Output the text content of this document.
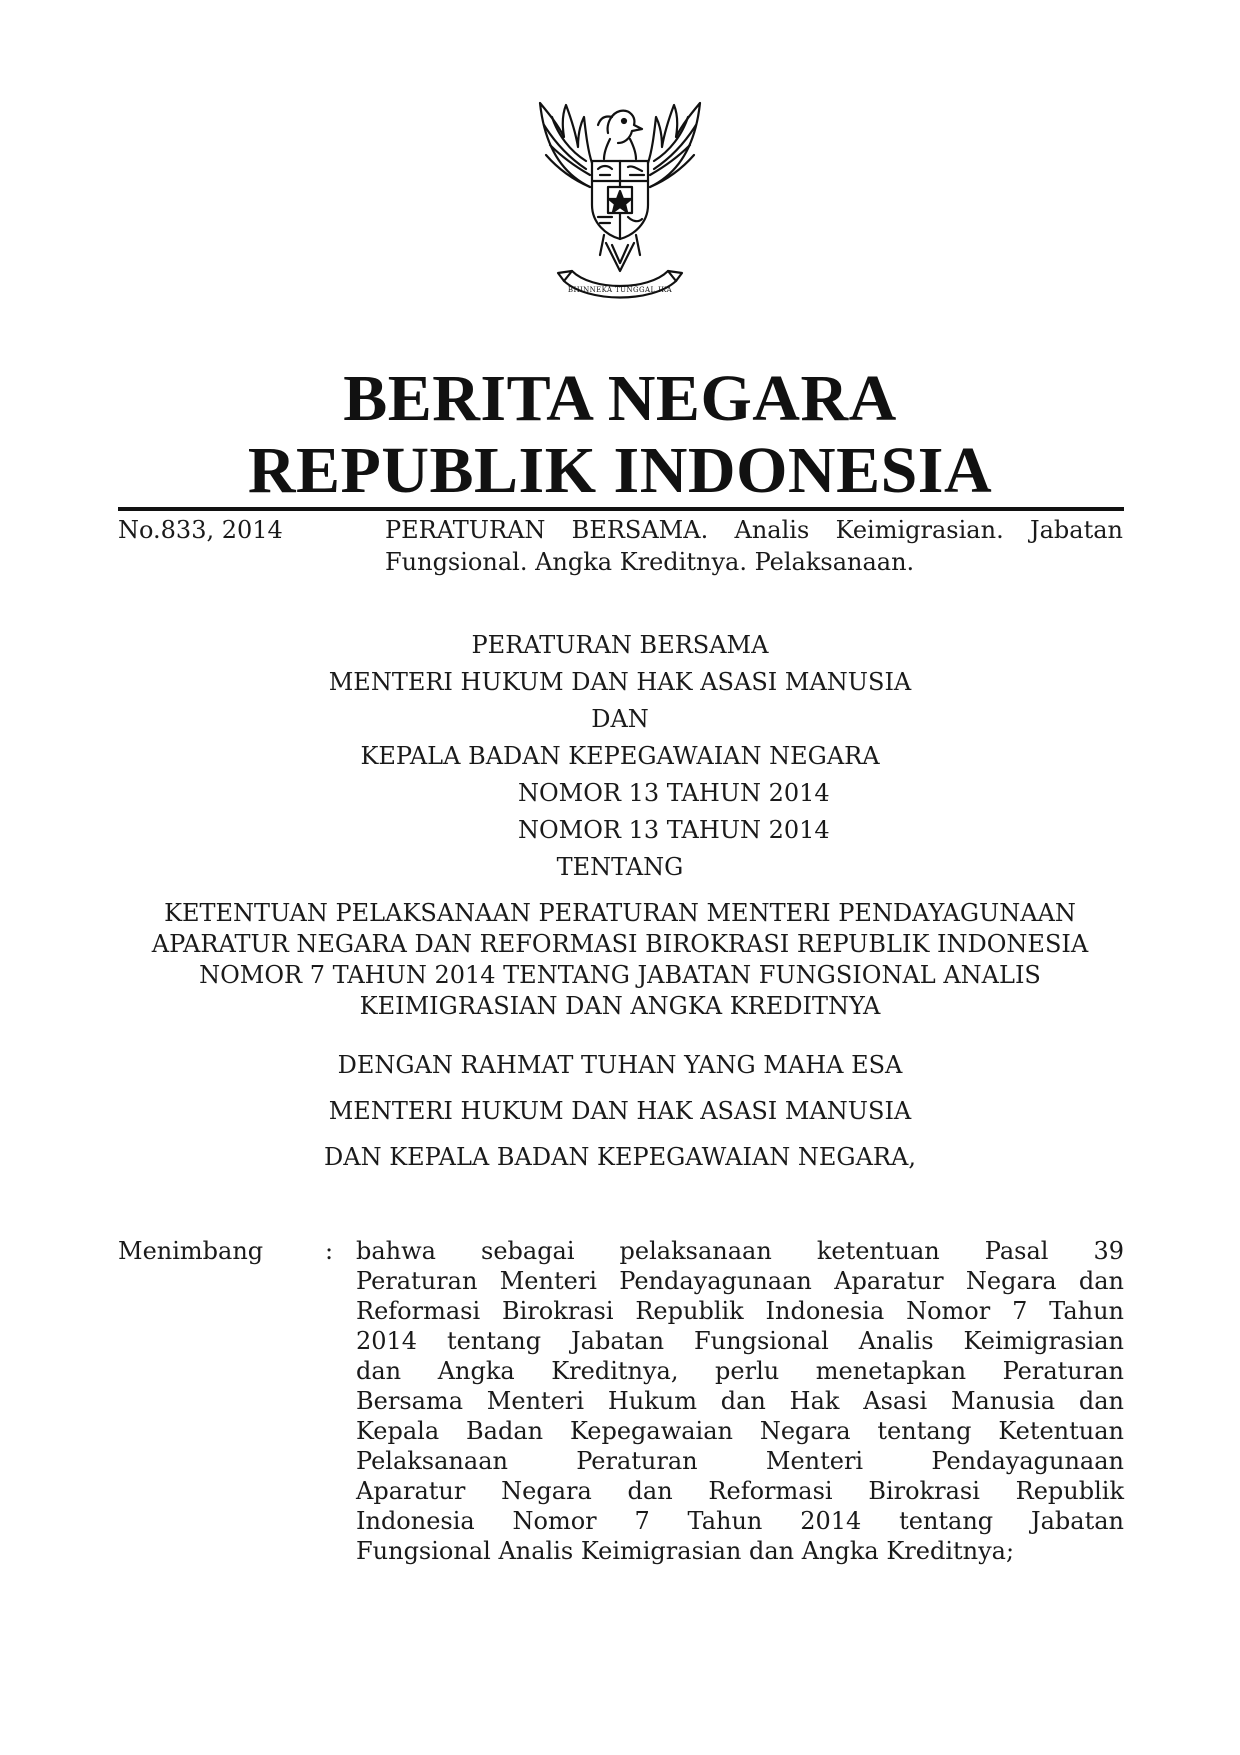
BHINNEKA TUNGGAL IKA
BERITA NEGARA
REPUBLIK INDONESIA
No.833, 2014	PERATURAN BERSAMA. Analis Keimigrasian. Jabatan Fungsional. Angka Kreditnya. Pelaksanaan.
PERATURAN BERSAMA
MENTERI HUKUM DAN HAK ASASI MANUSIA
DAN
KEPALA BADAN KEPEGAWAIAN NEGARA
NOMOR 13 TAHUN 2014
NOMOR 13 TAHUN 2014
TENTANG
KETENTUAN PELAKSANAAN PERATURAN MENTERI PENDAYAGUNAAN
APARATUR NEGARA DAN REFORMASI BIROKRASI REPUBLIK INDONESIA
NOMOR 7 TAHUN 2014 TENTANG JABATAN FUNGSIONAL ANALIS
KEIMIGRASIAN DAN ANGKA KREDITNYA
DENGAN RAHMAT TUHAN YANG MAHA ESA
MENTERI HUKUM DAN HAK ASASI MANUSIA
DAN KEPALA BADAN KEPEGAWAIAN NEGARA,
Menimbang	: bahwa sebagai pelaksanaan ketentuan Pasal 39
Peraturan Menteri Pendayagunaan Aparatur Negara dan
Reformasi Birokrasi Republik Indonesia Nomor 7 Tahun
2014 tentang Jabatan Fungsional Analis Keimigrasian
dan Angka Kreditnya, perlu menetapkan Peraturan
Bersama Menteri Hukum dan Hak Asasi Manusia dan
Kepala Badan Kepegawaian Negara tentang Ketentuan
Pelaksanaan Peraturan Menteri Pendayagunaan
Aparatur Negara dan Reformasi Birokrasi Republik
Indonesia Nomor 7 Tahun 2014 tentang Jabatan
Fungsional Analis Keimigrasian dan Angka Kreditnya;
